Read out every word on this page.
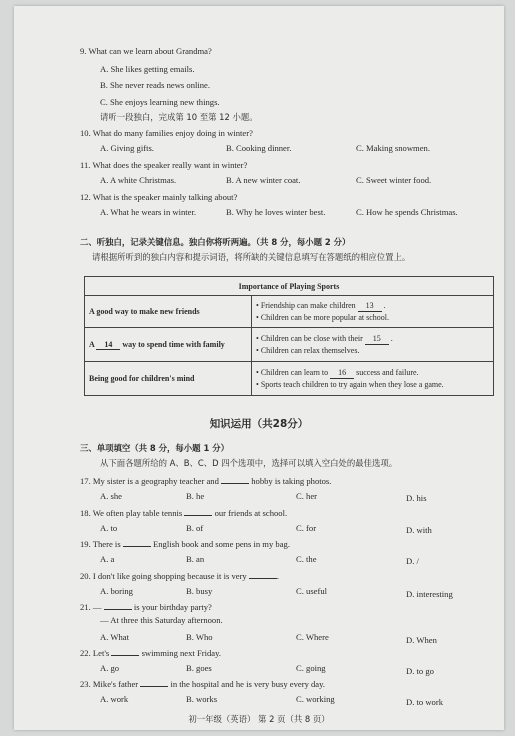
9. What can we learn about Grandma?
A. She likes getting emails.
B. She never reads news online.
C. She enjoys learning new things.
请听一段独白，完成第 10 至第 12 小题。
10. What do many families enjoy doing in winter?
A. Giving gifts.	B. Cooking dinner.	C. Making snowmen.
11. What does the speaker really want in winter?
A. A white Christmas.	B. A new winter coat.	C. Sweet winter food.
12. What is the speaker mainly talking about?
A. What he wears in winter.	B. Why he loves winter best.	C. How he spends Christmas.
二、听独白，记录关键信息。独白你将听两遍。（共 8 分，每小题 2 分）
请根据所听到的独白内容和提示词语，将所缺的关键信息填写在答题纸的相应位置上。
Importance of Playing Sports	
A good way to make new friends	• Friendship can make children 13 .
• Children can be more popular at school.

A 14 way to spend time with family	• Children can be close with their 15 .
• Children can relax themselves.

Being good for children's mind	• Children can learn to 16 success and failure.
• Sports teach children to try again when they lose a game.
知识运用（共28分）
三、单项填空（共 8 分，每小题 1 分）
从下面各题所给的 A、B、C、D 四个选项中，选择可以填入空白处的最佳选项。
17. My sister is a geography teacher and	hobby is taking photos.
A. she	B. he	C. her	D. his
18. We often play table tennis	our friends at school.
A. to	B. of	C. for	D. with
19. There is	English book and some pens in my bag.
A. a	B. an	C. the	D. /
20. I don't like going shopping because it is very	.
A. boring	B. busy	C. useful	D. interesting
21. —	is your birthday party?
— At three this Saturday afternoon.
A. What	B. Who	C. Where	D. When
22. Let's	swimming next Friday.
A. go	B. goes	C. going	D. to go
23. Mike's father	in the hospital and he is very busy every day.
A. work	B. works	C. working	D. to work
初一年级（英语） 第 2 页（共 8 页）
